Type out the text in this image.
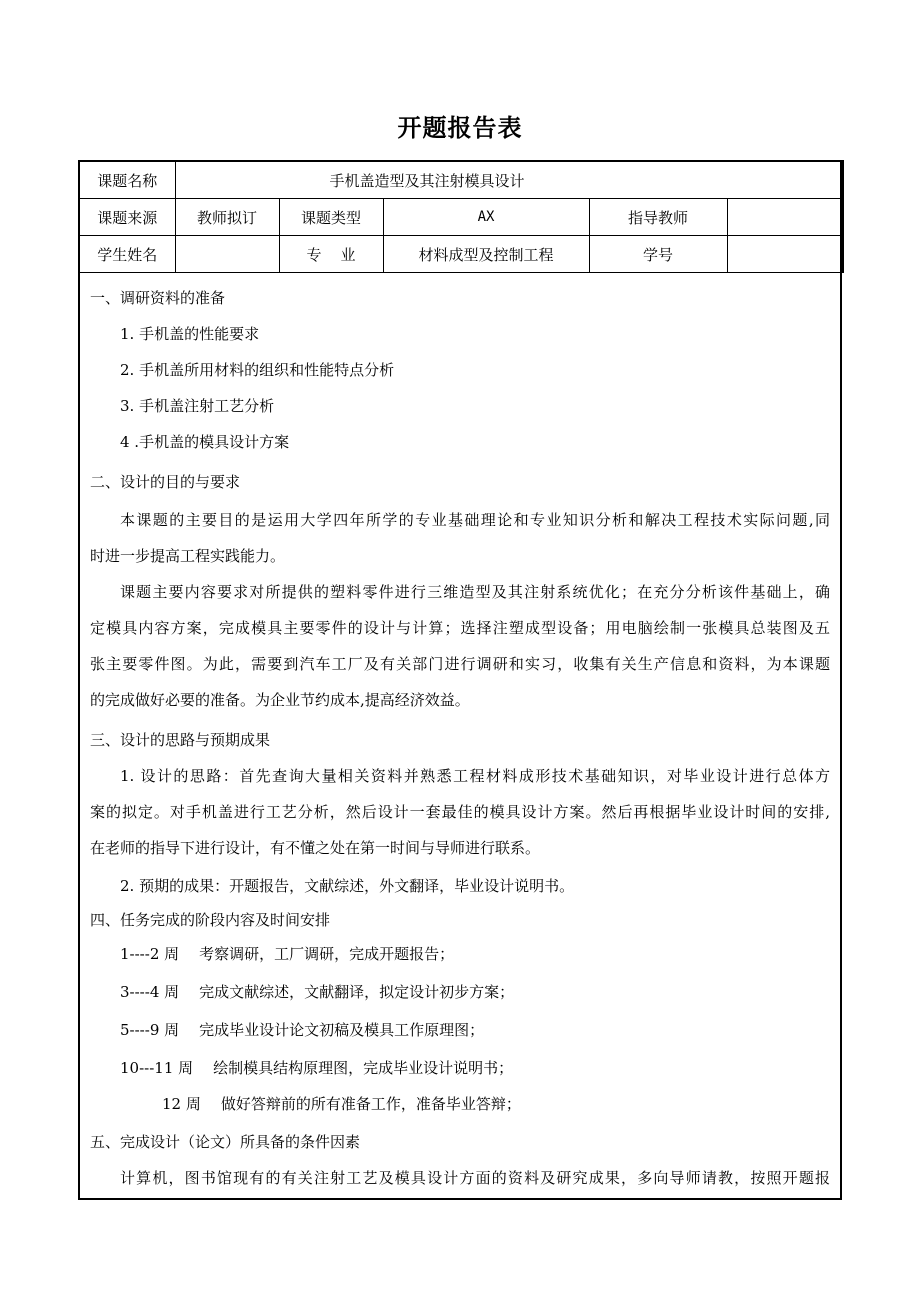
开题报告表
课题名称	手机盖造型及其注射模具设计				
课题来源	教师拟订	课题类型	AX	指导教师	
学生姓名		专    业	材料成型及控制工程	学号	
一、调研资料的准备
1. 手机盖的性能要求
2. 手机盖所用材料的组织和性能特点分析
3. 手机盖注射工艺分析
4 .手机盖的模具设计方案
二、设计的目的与要求
本课题的主要目的是运用大学四年所学的专业基础理论和专业知识分析和解决工程技术实际问题,同
时进一步提高工程实践能力。
课题主要内容要求对所提供的塑料零件进行三维造型及其注射系统优化；在充分分析该件基础上，确
定模具内容方案，完成模具主要零件的设计与计算；选择注塑成型设备；用电脑绘制一张模具总装图及五
张主要零件图。为此，需要到汽车工厂及有关部门进行调研和实习，收集有关生产信息和资料，为本课题
的完成做好必要的准备。为企业节约成本,提高经济效益。
三、设计的思路与预期成果
1. 设计的思路：首先查询大量相关资料并熟悉工程材料成形技术基础知识，对毕业设计进行总体方
案的拟定。对手机盖进行工艺分析，然后设计一套最佳的模具设计方案。然后再根据毕业设计时间的安排,
在老师的指导下进行设计，有不懂之处在第一时间与导师进行联系。
2. 预期的成果：开题报告，文献综述，外文翻译，毕业设计说明书。
四、任务完成的阶段内容及时间安排
1----2 周 考察调研，工厂调研，完成开题报告；
3----4 周 完成文献综述，文献翻译，拟定设计初步方案；
5----9 周 完成毕业设计论文初稿及模具工作原理图；
10---11 周 绘制模具结构原理图，完成毕业设计说明书；
12 周 做好答辩前的所有准备工作，准备毕业答辩；
五、完成设计（论文）所具备的条件因素
计算机，图书馆现有的有关注射工艺及模具设计方面的资料及研究成果，多向导师请教，按照开题报
